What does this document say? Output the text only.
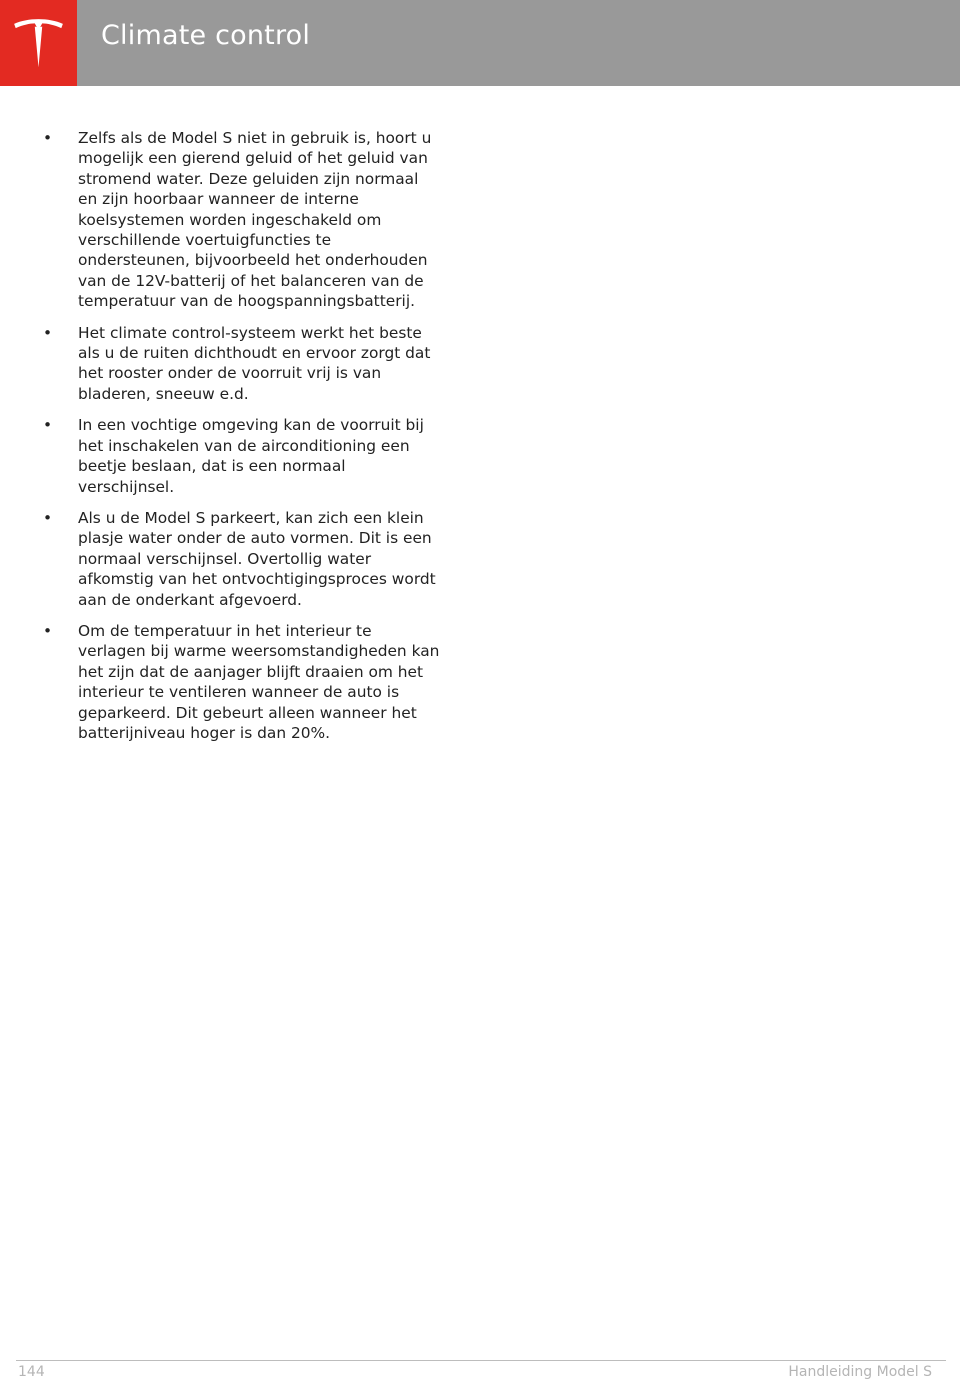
Climate control
• Zelfs als de Model S niet in gebruik is, hoort u mogelijk een gierend geluid of het geluid van stromend water. Deze geluiden zijn normaal en zijn hoorbaar wanneer de interne koelsystemen worden ingeschakeld om verschillende voertuigfuncties te ondersteunen, bijvoorbeeld het onderhouden van de 12V-batterij of het balanceren van de temperatuur van de hoogspanningsbatterij.
• Het climate control-systeem werkt het beste als u de ruiten dichthoudt en ervoor zorgt dat het rooster onder de voorruit vrij is van bladeren, sneeuw e.d.
• In een vochtige omgeving kan de voorruit bij het inschakelen van de airconditioning een beetje beslaan, dat is een normaal verschijnsel.
• Als u de Model S parkeert, kan zich een klein plasje water onder de auto vormen. Dit is een normaal verschijnsel. Overtollig water afkomstig van het ontvochtigingsproces wordt aan de onderkant afgevoerd.
• Om de temperatuur in het interieur te verlagen bij warme weersomstandigheden kan het zijn dat de aanjager blijft draaien om het interieur te ventileren wanneer de auto is geparkeerd. Dit gebeurt alleen wanneer het batterijniveau hoger is dan 20%.
144	Handleiding Model S
